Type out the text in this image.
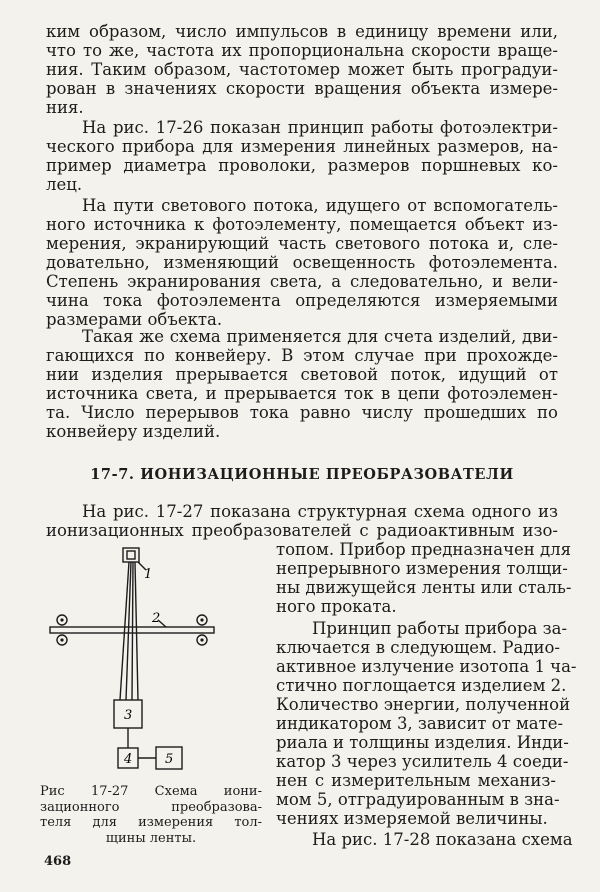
ким образом, число импульсов в единицу времени или,
что то же, частота их пропорциональна скорости враще-
ния. Таким образом, частотомер может быть проградуи-
рован в значениях скорости вращения объекта измере-
ния.
На рис. 17-26 показан принцип работы фотоэлектри-
ческого прибора для измерения линейных размеров, на-
пример диаметра проволоки, размеров поршневых ко-
лец.
На пути светового потока, идущего от вспомогатель-
ного источника к фотоэлементу, помещается объект из-
мерения, экранирующий часть светового потока и, сле-
довательно, изменяющий освещенность фотоэлемента.
Степень экранирования света, а следовательно, и вели-
чина тока фотоэлемента определяются измеряемыми
размерами объекта.
Такая же схема применяется для счета изделий, дви-
гающихся по конвейеру. В этом случае при прохожде-
нии изделия прерывается световой поток, идущий от
источника света, и прерывается ток в цепи фотоэлемен-
та. Число перерывов тока равно числу прошедших по
конвейеру изделий.
17-7. ИОНИЗАЦИОННЫЕ ПРЕОБРАЗОВАТЕЛИ
На рис. 17-27 показана структурная схема одного из
ионизационных преобразователей с радиоактивным изо-
топом. Прибор предназначен для
непрерывного измерения толщи-
ны движущейся ленты или сталь-
ного проката.
Принцип работы прибора за-
ключается в следующем. Радио-
активное излучение изотопа 1 ча-
стично поглощается изделием 2.
Количество энергии, полученной
индикатором 3, зависит от мате-
риала и толщины изделия. Инди-
катор 3 через усилитель 4 соеди-
нен с измерительным механиз-
мом 5, отградуированным в зна-
чениях измеряемой величины.
На рис. 17-28 показана схема
1
2
3
4	5
Рис 17-27 Схема иони-
зационного преобразова-
теля для измерения тол-
щины ленты.
468
